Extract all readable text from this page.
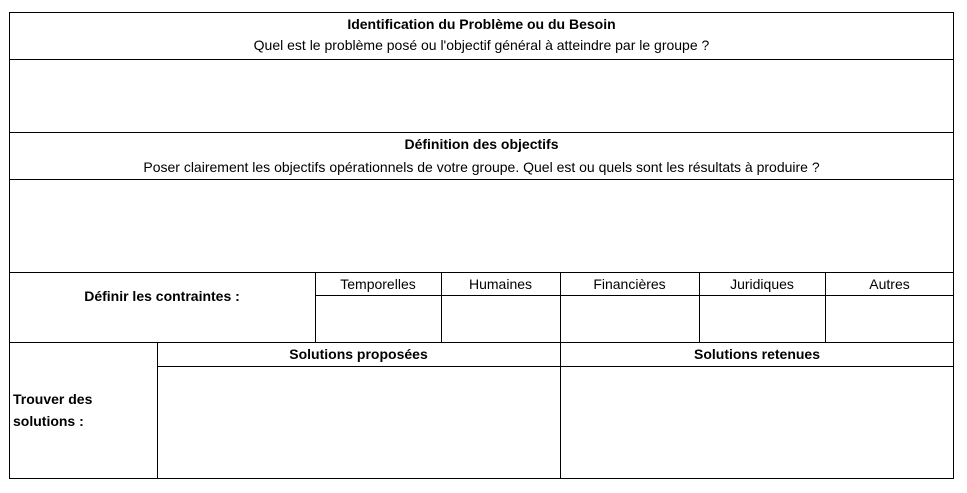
Identification du Problème ou du Besoin
Quel est le problème posé ou l'objectif général à atteindre par le groupe ?
Définition des objectifs
Poser clairement les objectifs opérationnels de votre groupe. Quel est ou quels sont les résultats à produire ?
Définir les contraintes :
Temporelles	Humaines	Financières	Juridiques	Autres
Trouver des
solutions :
Solutions proposées	Solutions retenues
